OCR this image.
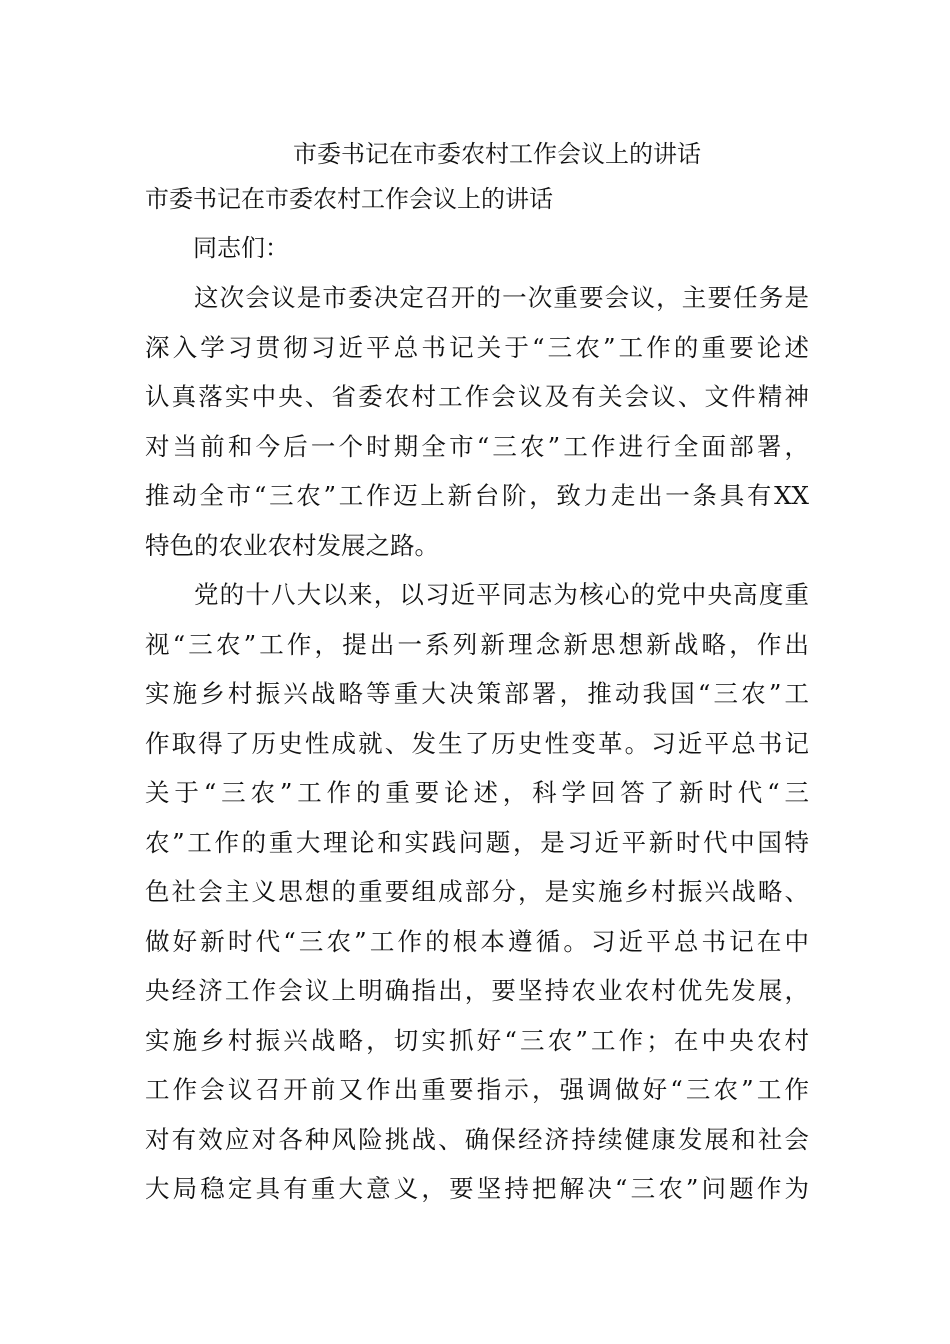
市委书记在市委农村工作会议上的讲话
市委书记在市委农村工作会议上的讲话
同志们：

这次会议是市委决定召开的一次重要会议，主要任务是
深入学习贯彻习近平总书记关于“三农”工作的重要论述
认真落实中央、省委农村工作会议及有关会议、文件精神
对当前和今后一个时期全市“三农”工作进行全面部署，
推动全市“三农”工作迈上新台阶，致力走出一条具有XX
特色的农业农村发展之路。

党的十八大以来，以习近平同志为核心的党中央高度重
视“三农”工作，提出一系列新理念新思想新战略，作出
实施乡村振兴战略等重大决策部署，推动我国“三农”工
作取得了历史性成就、发生了历史性变革。习近平总书记
关于“三农”工作的重要论述，科学回答了新时代“三
农”工作的重大理论和实践问题，是习近平新时代中国特
色社会主义思想的重要组成部分，是实施乡村振兴战略、
做好新时代“三农”工作的根本遵循。习近平总书记在中
央经济工作会议上明确指出，要坚持农业农村优先发展，
实施乡村振兴战略，切实抓好“三农”工作；在中央农村
工作会议召开前又作出重要指示，强调做好“三农”工作
对有效应对各种风险挑战、确保经济持续健康发展和社会
大局稳定具有重大意义，要坚持把解决“三农”问题作为
